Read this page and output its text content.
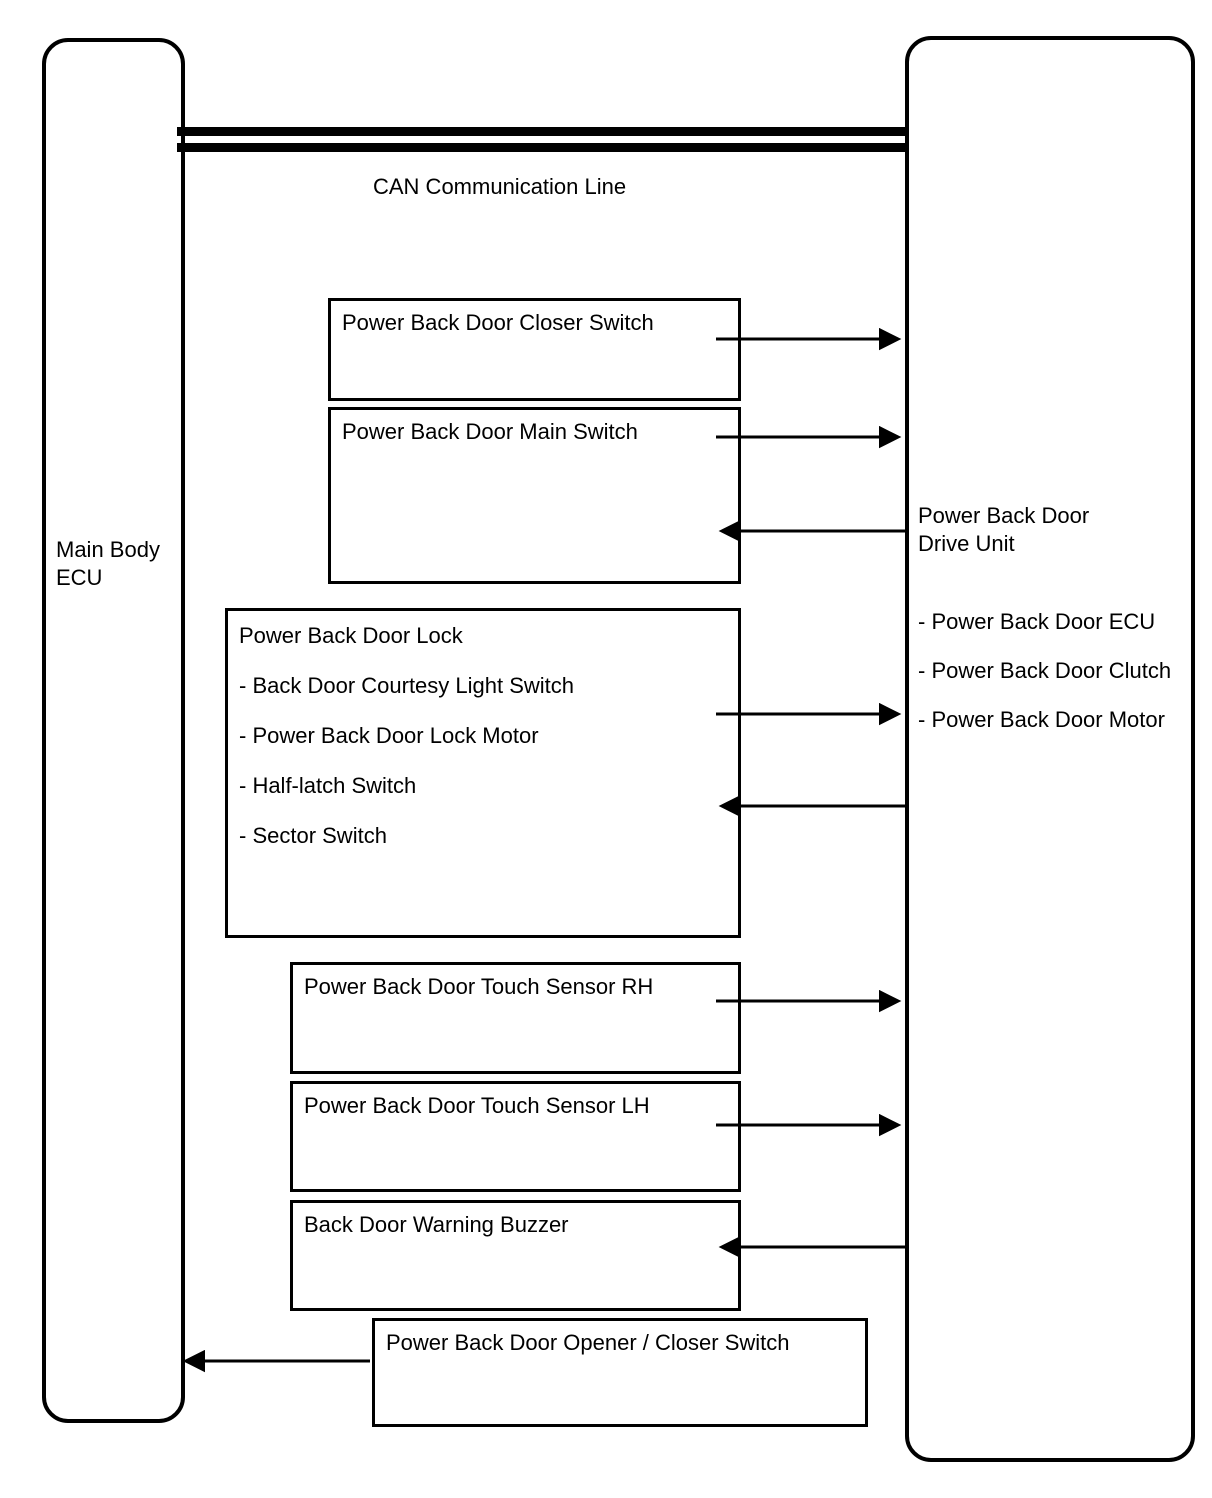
Main Body
ECU
Power Back Door
Drive Unit
- Power Back Door ECU
- Power Back Door Clutch
- Power Back Door Motor
CAN Communication Line
Power Back Door Closer Switch
Power Back Door Main Switch
Power Back Door Lock
- Back Door Courtesy Light Switch
- Power Back Door Lock Motor
- Half-latch Switch
- Sector Switch
Power Back Door Touch Sensor RH
Power Back Door Touch Sensor LH
Back Door Warning Buzzer
Power Back Door Opener / Closer Switch
